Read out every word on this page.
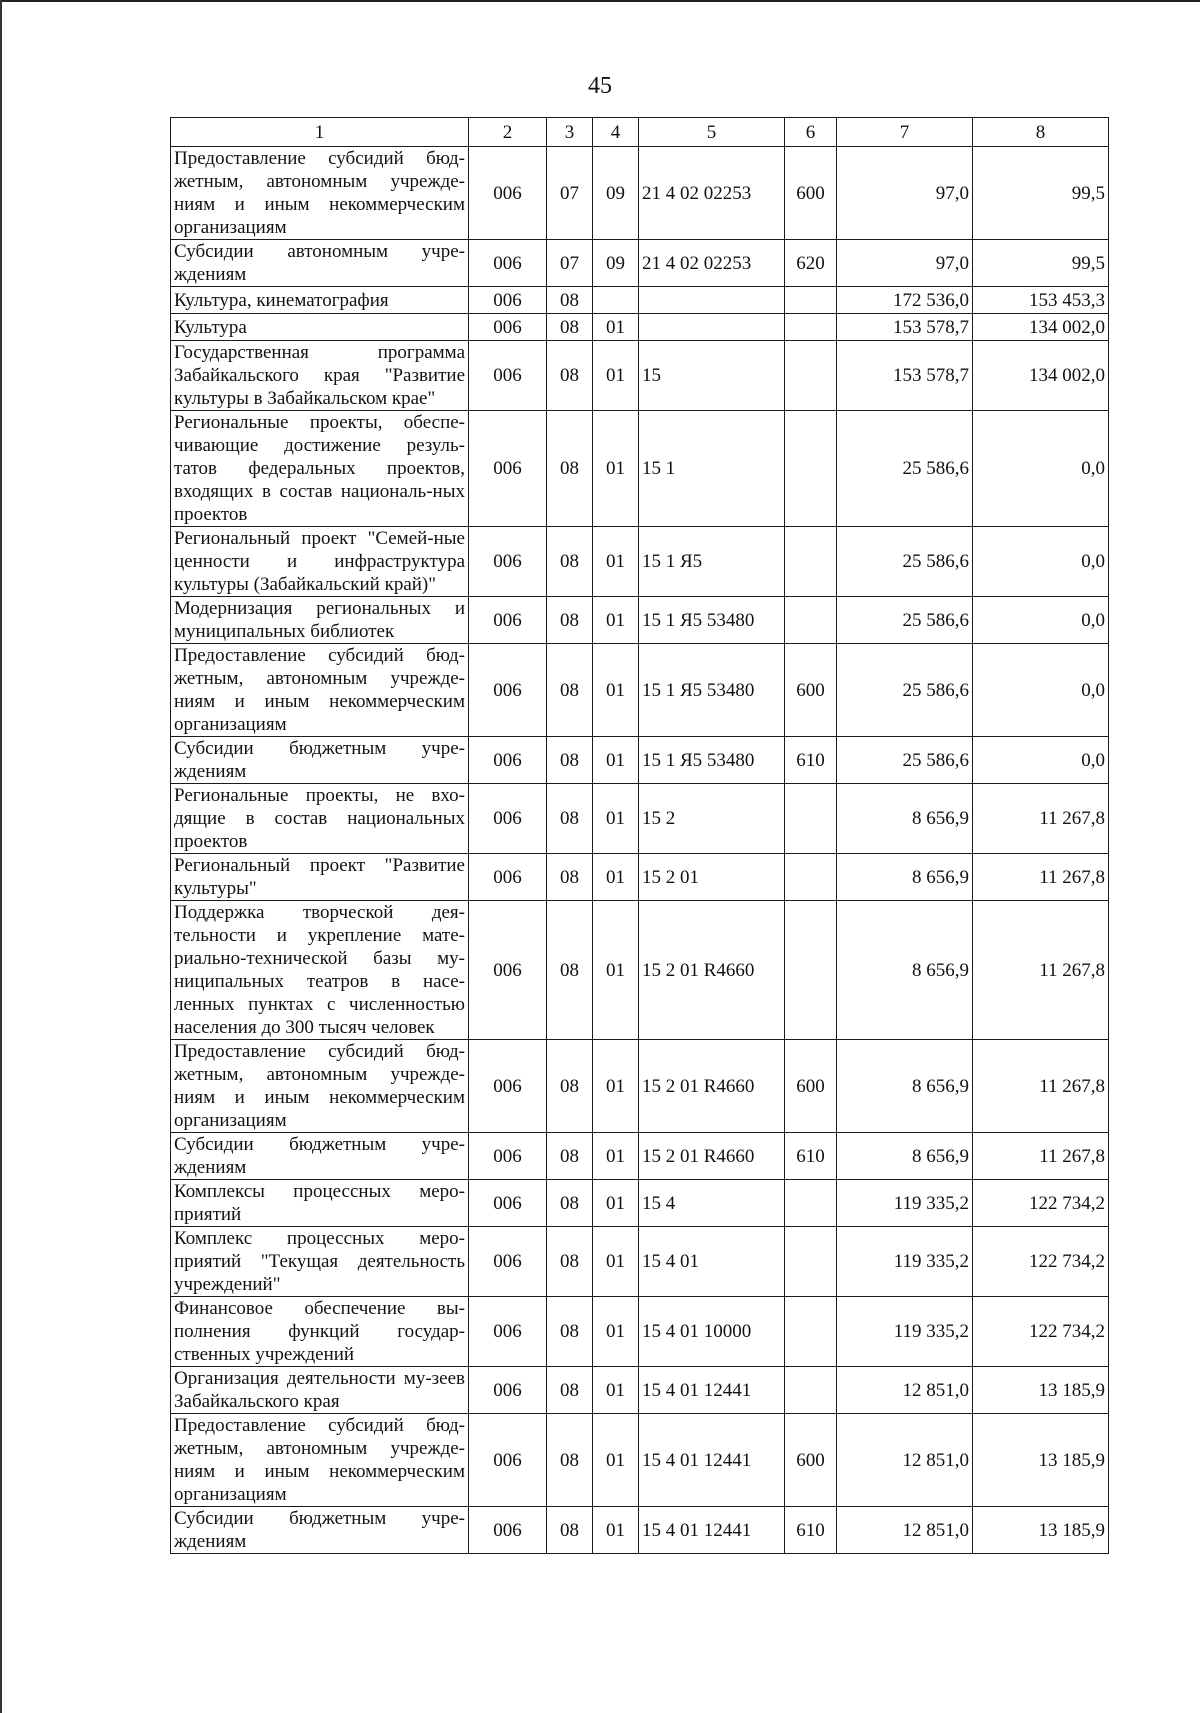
45
1	2	3	4	5	6	7	8
Предоставление субсидий бюд-жетным, автономным учрежде-ниям и иным некоммерческим организациям	006	07	09	21 4 02 02253	600	97,0	99,5
Субсидии автономным учре-ждениям	006	07	09	21 4 02 02253	620	97,0	99,5
Культура, кинематография	006	08				172 536,0	153 453,3
Культура	006	08	01			153 578,7	134 002,0
Государственная программа Забайкальского края "Развитие культуры в Забайкальском крае"	006	08	01	15		153 578,7	134 002,0
Региональные проекты, обеспе-чивающие достижение резуль-татов федеральных проектов, входящих в состав националь-ных проектов	006	08	01	15 1		25 586,6	0,0
Региональный проект "Семей-ные ценности и инфраструктура культуры (Забайкальский край)"	006	08	01	15 1 Я5		25 586,6	0,0
Модернизация региональных и муниципальных библиотек	006	08	01	15 1 Я5 53480		25 586,6	0,0
Предоставление субсидий бюд-жетным, автономным учрежде-ниям и иным некоммерческим организациям	006	08	01	15 1 Я5 53480	600	25 586,6	0,0
Субсидии бюджетным учре-ждениям	006	08	01	15 1 Я5 53480	610	25 586,6	0,0
Региональные проекты, не вхо-дящие в состав национальных проектов	006	08	01	15 2		8 656,9	11 267,8
Региональный проект "Развитие культуры"	006	08	01	15 2 01		8 656,9	11 267,8
Поддержка творческой дея-тельности и укрепление мате-риально-технической базы му-ниципальных театров в насе-ленных пунктах с численностью населения до 300 тысяч человек	006	08	01	15 2 01 R4660		8 656,9	11 267,8
Предоставление субсидий бюд-жетным, автономным учрежде-ниям и иным некоммерческим организациям	006	08	01	15 2 01 R4660	600	8 656,9	11 267,8
Субсидии бюджетным учре-ждениям	006	08	01	15 2 01 R4660	610	8 656,9	11 267,8
Комплексы процессных меро-приятий	006	08	01	15 4		119 335,2	122 734,2
Комплекс процессных меро-приятий "Текущая деятельность учреждений"	006	08	01	15 4 01		119 335,2	122 734,2
Финансовое обеспечение вы-полнения функций государ-ственных учреждений	006	08	01	15 4 01 10000		119 335,2	122 734,2
Организация деятельности му-зеев Забайкальского края	006	08	01	15 4 01 12441		12 851,0	13 185,9
Предоставление субсидий бюд-жетным, автономным учрежде-ниям и иным некоммерческим организациям	006	08	01	15 4 01 12441	600	12 851,0	13 185,9
Субсидии бюджетным учре-ждениям	006	08	01	15 4 01 12441	610	12 851,0	13 185,9
